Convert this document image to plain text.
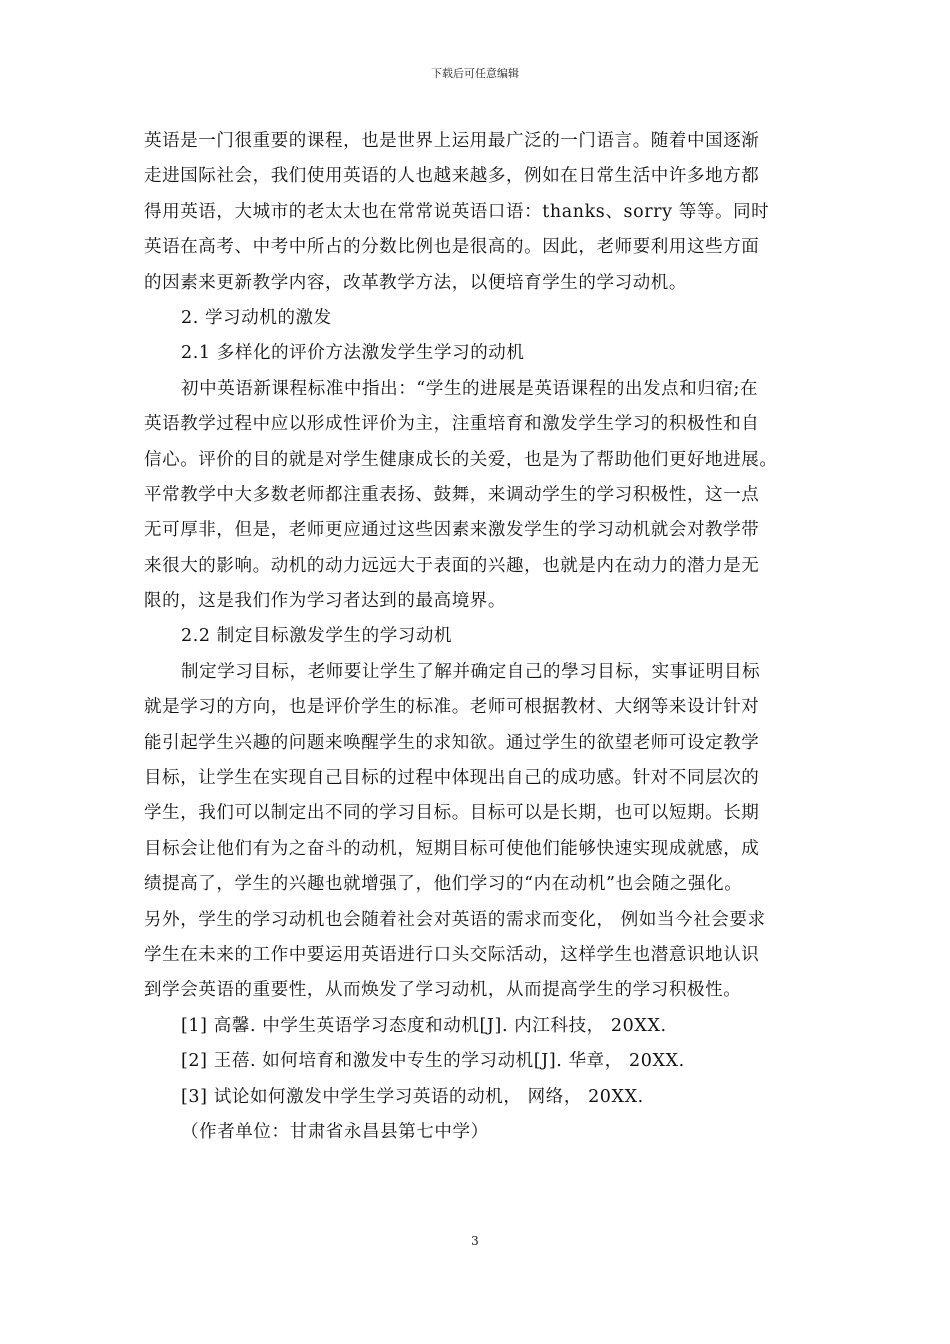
下载后可任意编辑
英语是一门很重要的课程，也是世界上运用最广泛的一门语言。随着中国逐渐
走进国际社会，我们使用英语的人也越来越多，例如在日常生活中许多地方都
得用英语，大城市的老太太也在常常说英语口语：thanks、sorry 等等。同时
英语在高考、中考中所占的分数比例也是很高的。因此，老师要利用这些方面
的因素来更新教学内容，改革教学方法，以便培育学生的学习动机。
2. 学习动机的激发
2.1 多样化的评价方法激发学生学习的动机
初中英语新课程标准中指出：“学生的进展是英语课程的出发点和归宿;在
英语教学过程中应以形成性评价为主，注重培育和激发学生学习的积极性和自
信心。评价的目的就是对学生健康成长的关爱，也是为了帮助他们更好地进展。
平常教学中大多数老师都注重表扬、鼓舞，来调动学生的学习积极性，这一点
无可厚非，但是，老师更应通过这些因素来激发学生的学习动机就会对教学带
来很大的影响。动机的动力远远大于表面的兴趣，也就是内在动力的潜力是无
限的，这是我们作为学习者达到的最高境界。
2.2 制定目标激发学生的学习动机
制定学习目标，老师要让学生了解并确定自己的學习目标，实事证明目标
就是学习的方向，也是评价学生的标准。老师可根据教材、大纲等来设计针对
能引起学生兴趣的问题来唤醒学生的求知欲。通过学生的欲望老师可设定教学
目标，让学生在实现自己目标的过程中体现出自己的成功感。针对不同层次的
学生，我们可以制定出不同的学习目标。目标可以是长期，也可以短期。长期
目标会让他们有为之奋斗的动机，短期目标可使他们能够快速实现成就感，成
绩提高了，学生的兴趣也就增强了，他们学习的“内在动机”也会随之强化。
另外，学生的学习动机也会随着社会对英语的需求而变化， 例如当今社会要求
学生在未来的工作中要运用英语进行口头交际活动，这样学生也潜意识地认识
到学会英语的重要性，从而焕发了学习动机，从而提高学生的学习积极性。
[1] 高馨. 中学生英语学习态度和动机[J]. 内江科技， 20XX.
[2] 王蓓. 如何培育和激发中专生的学习动机[J]. 华章， 20XX.
[3] 试论如何激发中学生学习英语的动机， 网络， 20XX.
（作者单位：甘肃省永昌县第七中学）
3
